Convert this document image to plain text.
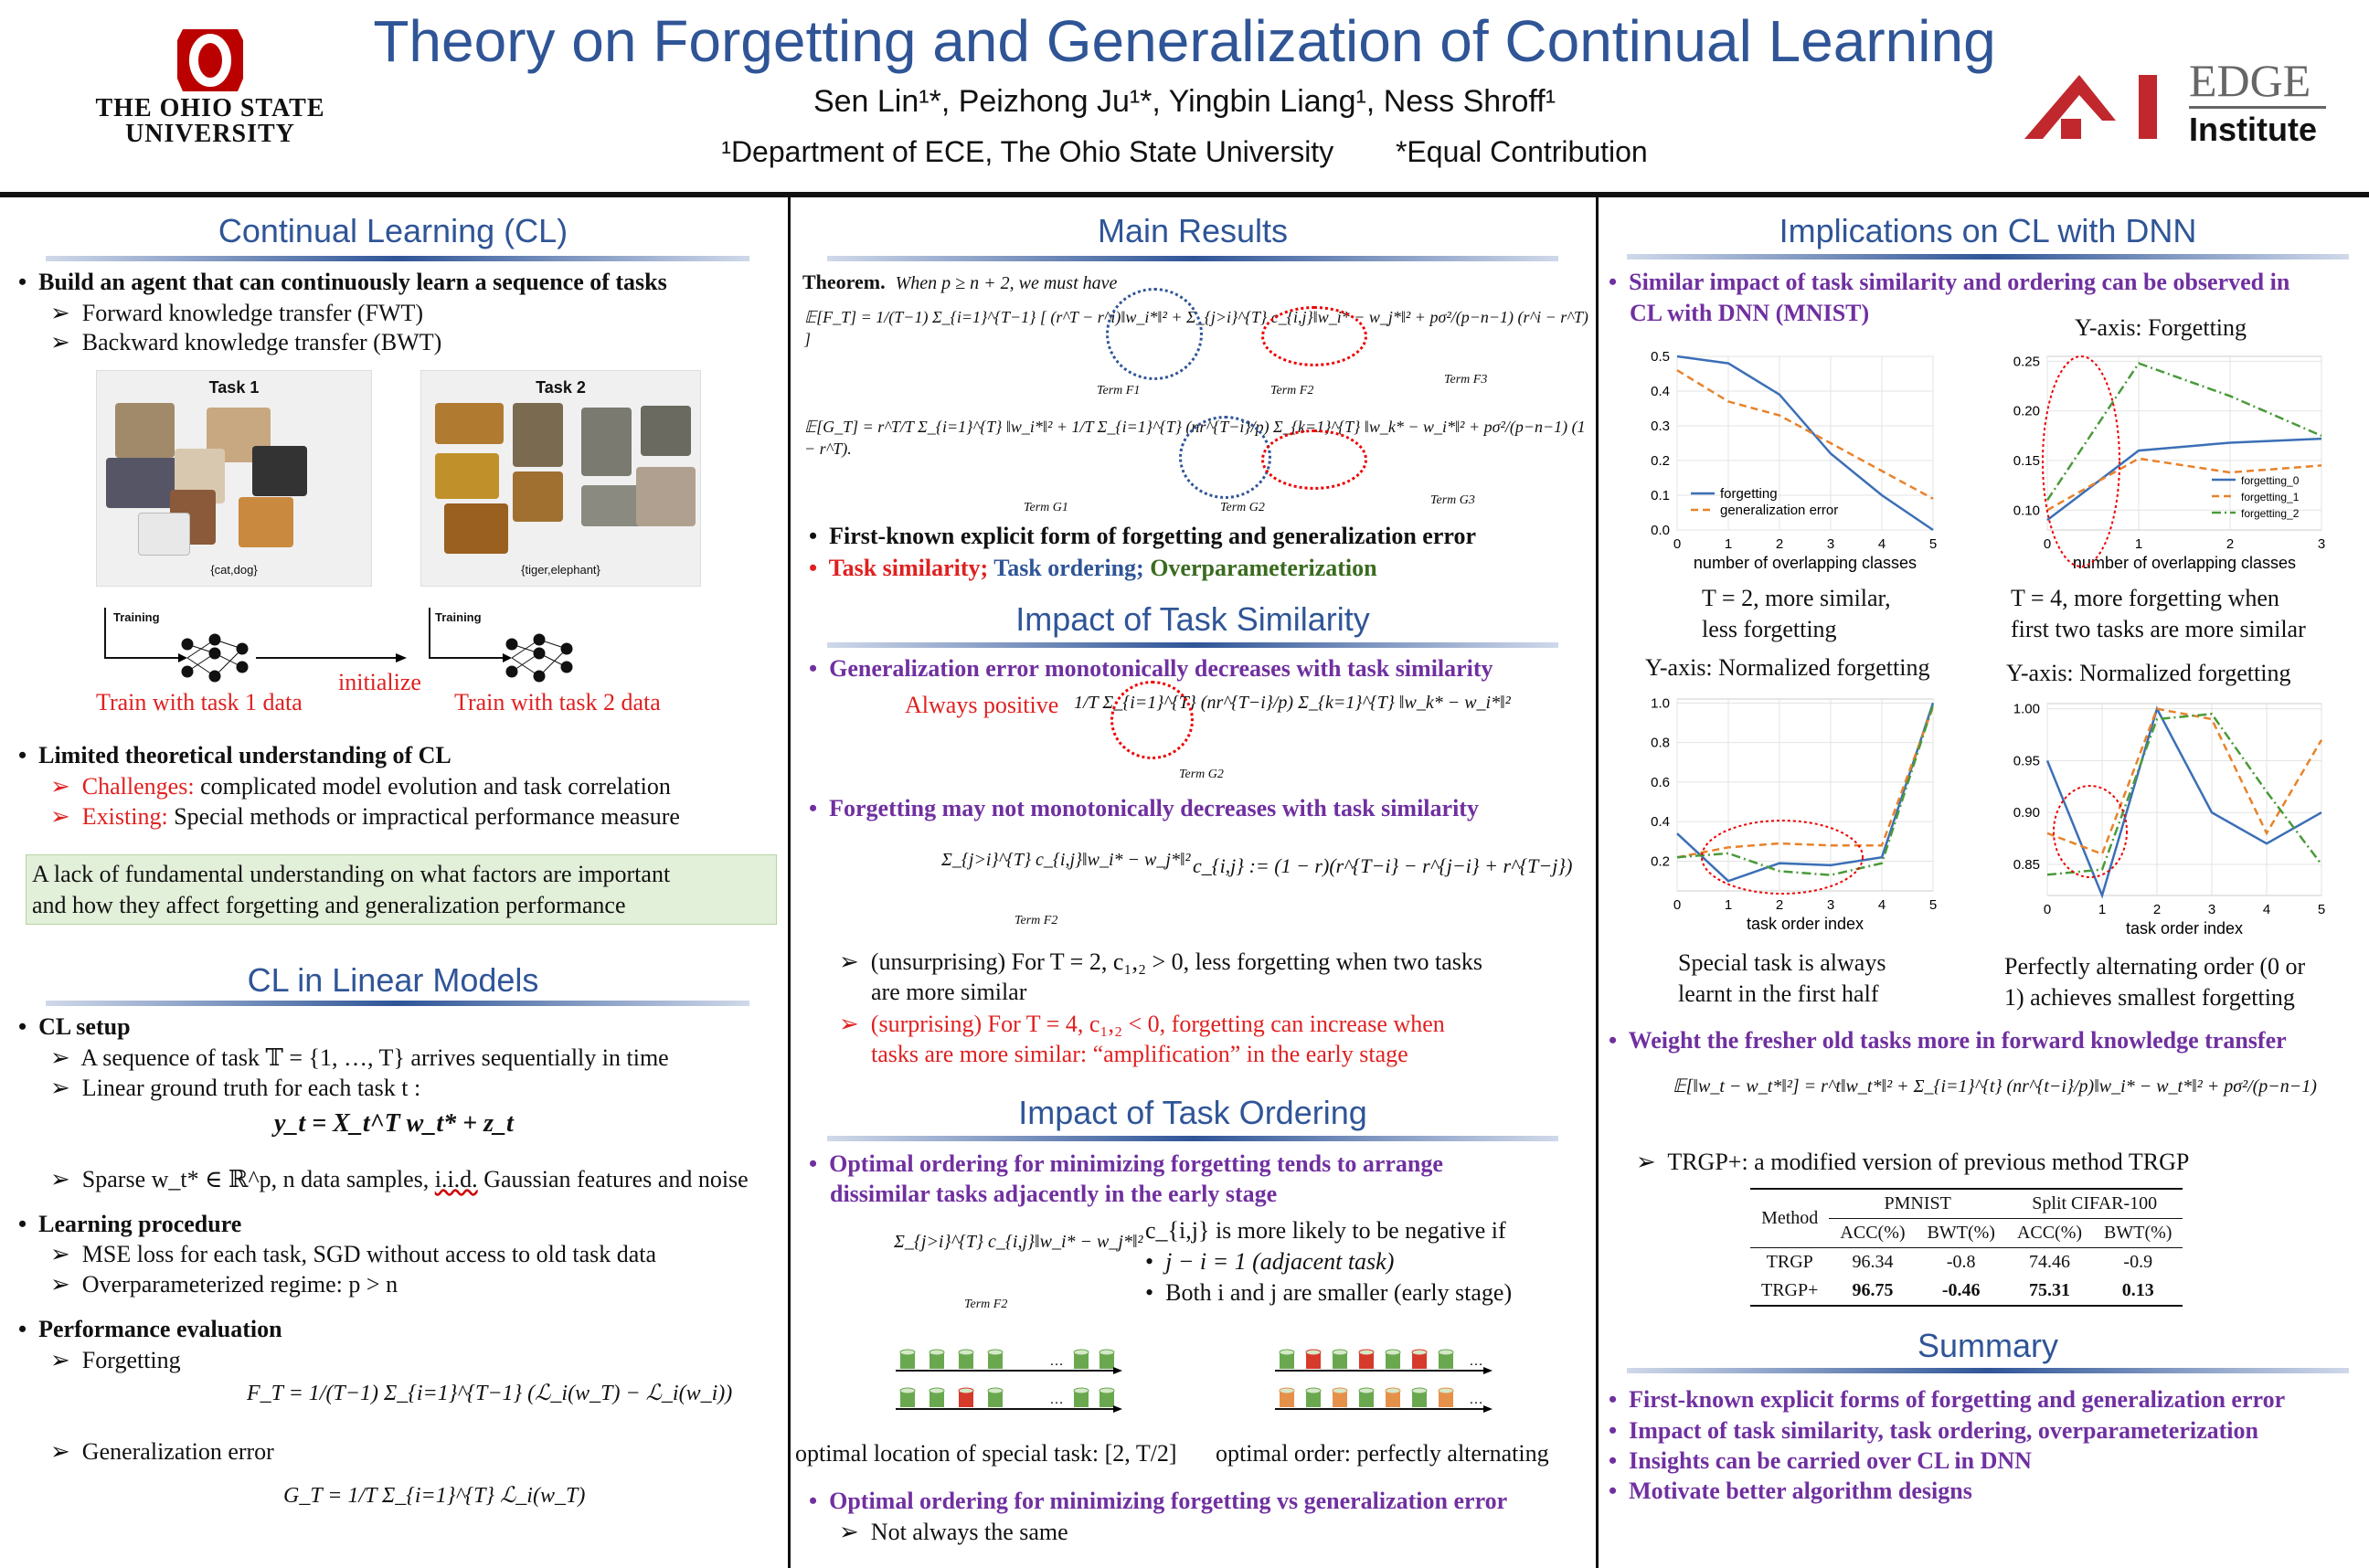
THE OHIO STATE
UNIVERSITY
Theory on Forgetting and Generalization of Continual Learning
Sen Lin¹*, Peizhong Ju¹*, Yingbin Liang¹, Ness Shroff¹
¹Department of ECE, The Ohio State University *Equal Contribution
EDGE
Institute
Continual Learning (CL)
•  Build an agent that can continuously learn a sequence of tasks
➢  Forward knowledge transfer (FWT)
➢  Backward knowledge transfer (BWT)
Task 1
{cat,dog}
Task 2
{tiger,elephant}
Training	Training
initialize
Train with task 1 data	Train with task 2 data
•  Limited theoretical understanding of CL
➢  Challenges: complicated model evolution and task correlation
➢  Existing: Special methods or impractical performance measure
A lack of fundamental understanding on what factors are important
and how they affect forgetting and generalization performance
CL in Linear Models
•  CL setup
➢  A sequence of task 𝕋 = {1, …, T} arrives sequentially in time
➢  Linear ground truth for each task t :
y_t = X_t^T w_t* + z_t
➢  Sparse w_t* ∈ ℝ^p, n data samples, i.i.d. Gaussian features and noise
•  Learning procedure
➢  MSE loss for each task, SGD without access to old task data
➢  Overparameterized regime: p > n
•  Performance evaluation
➢  Forgetting
F_T = 1/(T−1) Σ_{i=1}^{T−1} (ℒ_i(w_T) − ℒ_i(w_i))
➢  Generalization error
G_T = 1/T Σ_{i=1}^{T} ℒ_i(w_T)
Main Results
Theorem. When p ≥ n + 2, we must have
𝔼[F_T] = 1/(T−1) Σ_{i=1}^{T−1} [ (r^T − r^i)‖w_i*‖² + Σ_{j>i}^{T} c_{i,j}‖w_i* − w_j*‖² + pσ²/(p−n−1) (r^i − r^T) ]
Term F1	Term F2
Term F3
𝔼[G_T] = r^T/T Σ_{i=1}^{T} ‖w_i*‖² + 1/T Σ_{i=1}^{T} (nr^{T−i}/p) Σ_{k=1}^{T} ‖w_k* − w_i*‖² + pσ²/(p−n−1) (1 − r^T).
Term G1	Term G2
Term G3
•  First-known explicit form of forgetting and generalization error
•  Task similarity; Task ordering; Overparameterization
Impact of Task Similarity
•  Generalization error monotonically decreases with task similarity
Always positive 1/T Σ_{i=1}^{T} (nr^{T−i}/p) Σ_{k=1}^{T} ‖w_k* − w_i*‖²
Term G2
•  Forgetting may not monotonically decreases with task similarity
Σ_{j>i}^{T} c_{i,j}‖w_i* − w_j*‖²
Term F2
c_{i,j} := (1 − r)(r^{T−i} − r^{j−i} + r^{T−j})
➢  (unsurprising) For T = 2, c₁,₂ > 0, less forgetting when two tasks
are more similar
➢  (surprising) For T = 4, c₁,₂ < 0, forgetting can increase when
tasks are more similar: “amplification” in the early stage
Impact of Task Ordering
•  Optimal ordering for minimizing forgetting tends to arrange
dissimilar tasks adjacently in the early stage
Σ_{j>i}^{T} c_{i,j}‖w_i* − w_j*‖²
Term F2
c_{i,j} is more likely to be negative if
•  j − i = 1 (adjacent task)
•  Both i and j are smaller (early stage)
…
…
…
…
optimal location of special task: [2, T/2] optimal order: perfectly alternating
•  Optimal ordering for minimizing forgetting vs generalization error
➢  Not always the same
Implications on CL with DNN
•  Similar impact of task similarity and ordering can be observed in
CL with DNN (MNIST)
Y-axis: Forgetting
0.0
0.1
0.2
0.3
0.4
0.5
0	1	2	3	4	5
number of overlapping classes
forgetting
generalization error	0.10
0.15
0.20
0.25
0	1	2	3
number of overlapping classes
forgetting_0
forgetting_1
forgetting_2
T = 2, more similar,
less forgetting
T = 4, more forgetting when
first two tasks are more similar
Y-axis: Normalized forgetting	Y-axis: Normalized forgetting
0.2
0.4
0.6
0.8
1.0
0	1	2	3	4	5
task order index
0.85
0.90
0.95
1.00
0	1	2	3	4	5
task order index
Special task is always
learnt in the first half
Perfectly alternating order (0 or
1) achieves smallest forgetting
•  Weight the fresher old tasks more in forward knowledge transfer
𝔼[‖w_t − w_t*‖²] = r^t‖w_t*‖² + Σ_{i=1}^{t} (nr^{t−i}/p)‖w_i* − w_t*‖² + pσ²/(p−n−1)
➢  TRGP+: a modified version of previous method TRGP
Method	PMNIST		Split CIFAR-100	
	ACC(%)	BWT(%)	ACC(%)	BWT(%)
TRGP	96.34	-0.8	74.46	-0.9
TRGP+	96.75	-0.46	75.31	0.13
Summary
•  First-known explicit forms of forgetting and generalization error
•  Impact of task similarity, task ordering, overparameterization
•  Insights can be carried over CL in DNN
•  Motivate better algorithm designs
